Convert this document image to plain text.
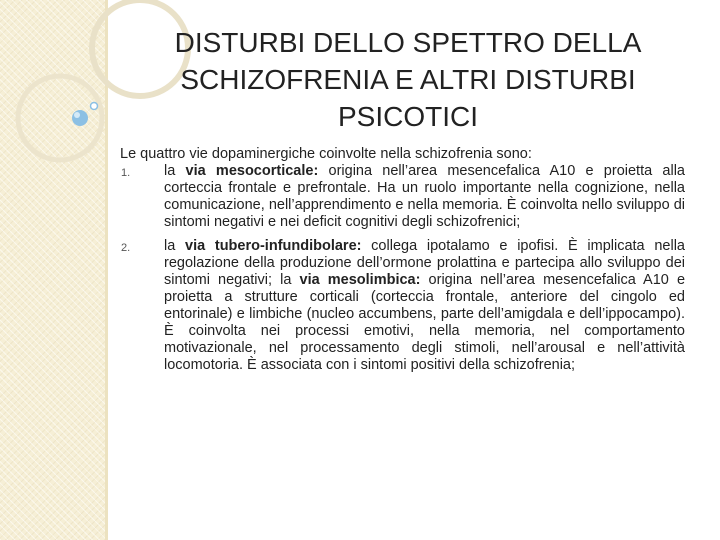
DISTURBI DELLO SPETTRO DELLA SCHIZOFRENIA E ALTRI DISTURBI PSICOTICI

Le quattro vie dopaminergiche coinvolte nella schizofrenia sono:

1. la via mesocorticale: origina nell’area mesencefalica A10 e proietta alla corteccia frontale e prefrontale. Ha un ruolo importante nella cognizione, nella comunicazione, nell’apprendimento e nella memoria. È coinvolta nello sviluppo di sintomi negativi e nei deficit cognitivi degli schizofrenici;
2. la via tubero-infundibolare: collega ipotalamo e ipofisi. È implicata nella regolazione della produzione dell’ormone prolattina e partecipa allo sviluppo dei sintomi negativi; la via mesolimbica: origina nell’area mesencefalica A10 e proietta a strutture corticali (corteccia frontale, anteriore del cingolo ed entorinale) e limbiche (nucleo accumbens, parte dell’amigdala e dell’ippocampo). È coinvolta nei processi emotivi, nella memoria, nel comportamento motivazionale, nel processamento degli stimoli, nell’arousal e nell’attività locomotoria. È associata con i sintomi positivi della schizofrenia;
